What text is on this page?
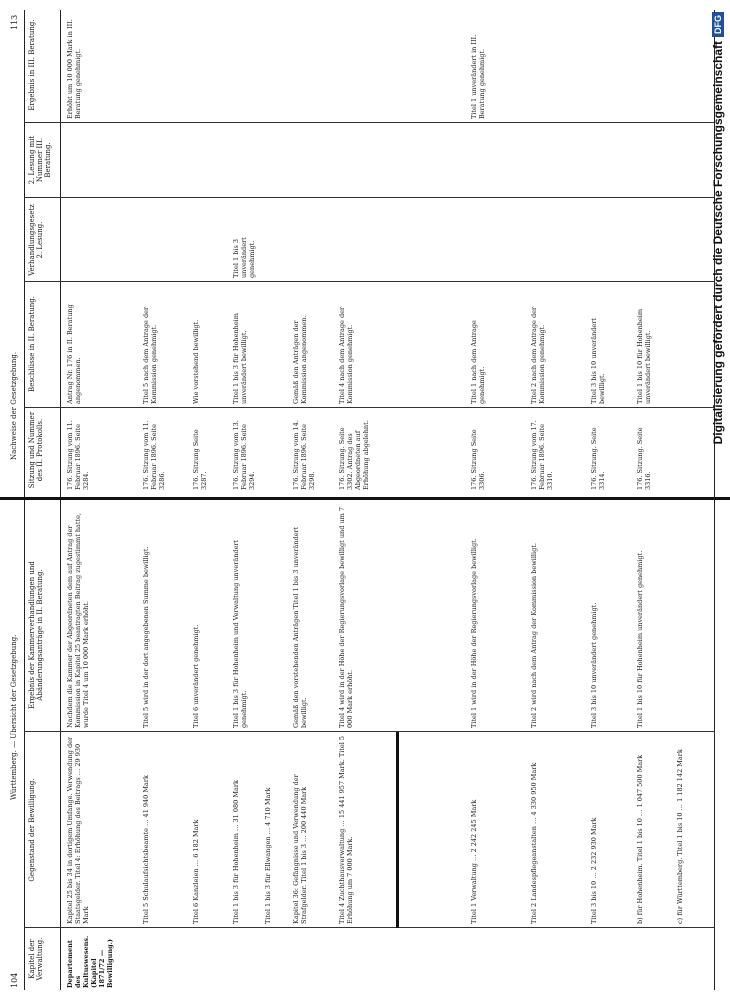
104
Württemberg. — Übersicht der Gesetzgebung.
Nachweise der Gesetzgebung.
113
Kapitel der Verwaltung.
Gegenstand der Bewilligung.
Ergebnis der Kammerverhandlungen und Abänderungsanträge in II. Beratung.
Sitzung und Nummer des II. Protokolls.
Beschlüsse in II. Beratung.
Verhandlungsgesetz 2. Lesung.
2. Lesung mit Nummer III. Beratung.
Ergebnis in III. Beratung.
Departement des Kultuswesens. (Kapitel 1871/72 — Bewilligung.)
Kapitel 25 bis 34 in dortigem Umfange. Verwendung der Staatsgelder. Titel 4: Erhöhung des Beitrags … 29 930 Mark
Nachdem die Kammer der Abgeordneten dem auf Antrag der Kommission in Kapitel 25 beantragten Beitrag zugestimmt hatte, wurde Titel 4 um 10 000 Mark erhöht.
176. Sitzung vom 11. Februar 1896. Seite 3284.
Antrag Nr. 176 in II. Beratung angenommen.
Erhöht um 10 000 Mark in III. Beratung genehmigt.
Titel 5 Schulaufsichtsbeamte … 41 940 Mark
Titel 5 wird in der dort angegebenen Summe bewilligt.
176. Sitzung vom 11. Februar 1896. Seite 3286.
Titel 5 nach dem Antrage der Kommission genehmigt.
Titel 6 Kanzleien … 6 182 Mark
Titel 6 unverändert genehmigt.
176. Sitzung Seite 3287.
Wie vorstehend bewilligt.
Titel 1 bis 3 für Hohenheim … 31 080 Mark
Titel 1 bis 3 für Hohenheim und Verwaltung unverändert genehmigt.
176. Sitzung vom 13. Februar 1896. Seite 3294.
Titel 1 bis 3 für Hohenheim unverändert bewilligt.
Titel 1 bis 3 unverändert genehmigt.
Titel 1 bis 3 für Ellwangen … 4 710 Mark	Kapitel 36: Gefängnisse und Verwendung der Strafgelder. Titel 1 bis 3 … 200 440 Mark
Gemäß den vorstehenden Anträgen Titel 1 bis 3 unverändert bewilligt.
176. Sitzung vom 14. Februar 1896. Seite 3298.
Gemäß den Anträgen der Kommission angenommen.
Titel 4 Zuchthausverwaltung … 15 441 957 Mark. Titel 5 Erhöhung um 7 000 Mark.
Titel 4 wird in der Höhe der Regierungsvorlage bewilligt und um 7 000 Mark erhöht.
176. Sitzung. Seite 3302. Antrag des Abgeordneten auf Erhöhung abgelehnt.
Titel 4 nach dem Antrage der Kommission genehmigt.
Titel 1 Verwaltung … 2 242 245 Mark
Titel 1 wird in der Höhe der Regierungsvorlage bewilligt.
176. Sitzung Seite 3306.
Titel 1 nach dem Antrage genehmigt.
Titel 1 unverändert in III. Beratung genehmigt.
Titel 2 Landespflegeanstalten … 4 330 950 Mark
Titel 2 wird nach dem Antrag der Kommission bewilligt.
176. Sitzung vom 17. Februar 1896. Seite 3310.
Titel 2 nach dem Antrage der Kommission genehmigt.
Titel 3 bis 10 … 2 232 930 Mark
Titel 3 bis 10 unverändert genehmigt.
176. Sitzung. Seite 3314.
Titel 3 bis 10 unverändert bewilligt.
b) für Hohenheim. Titel 1 bis 10 … 1 047 500 Mark
Titel 1 bis 10 für Hohenheim unverändert genehmigt.
176. Sitzung. Seite 3316.
Titel 1 bis 10 für Hohenheim unverändert bewilligt.
c) für Württemberg. Titel 1 bis 10 … 1 182 142 Mark
Digitalisierung gefördert durch die Deutsche Forschungsgemeinschaft
DFG
